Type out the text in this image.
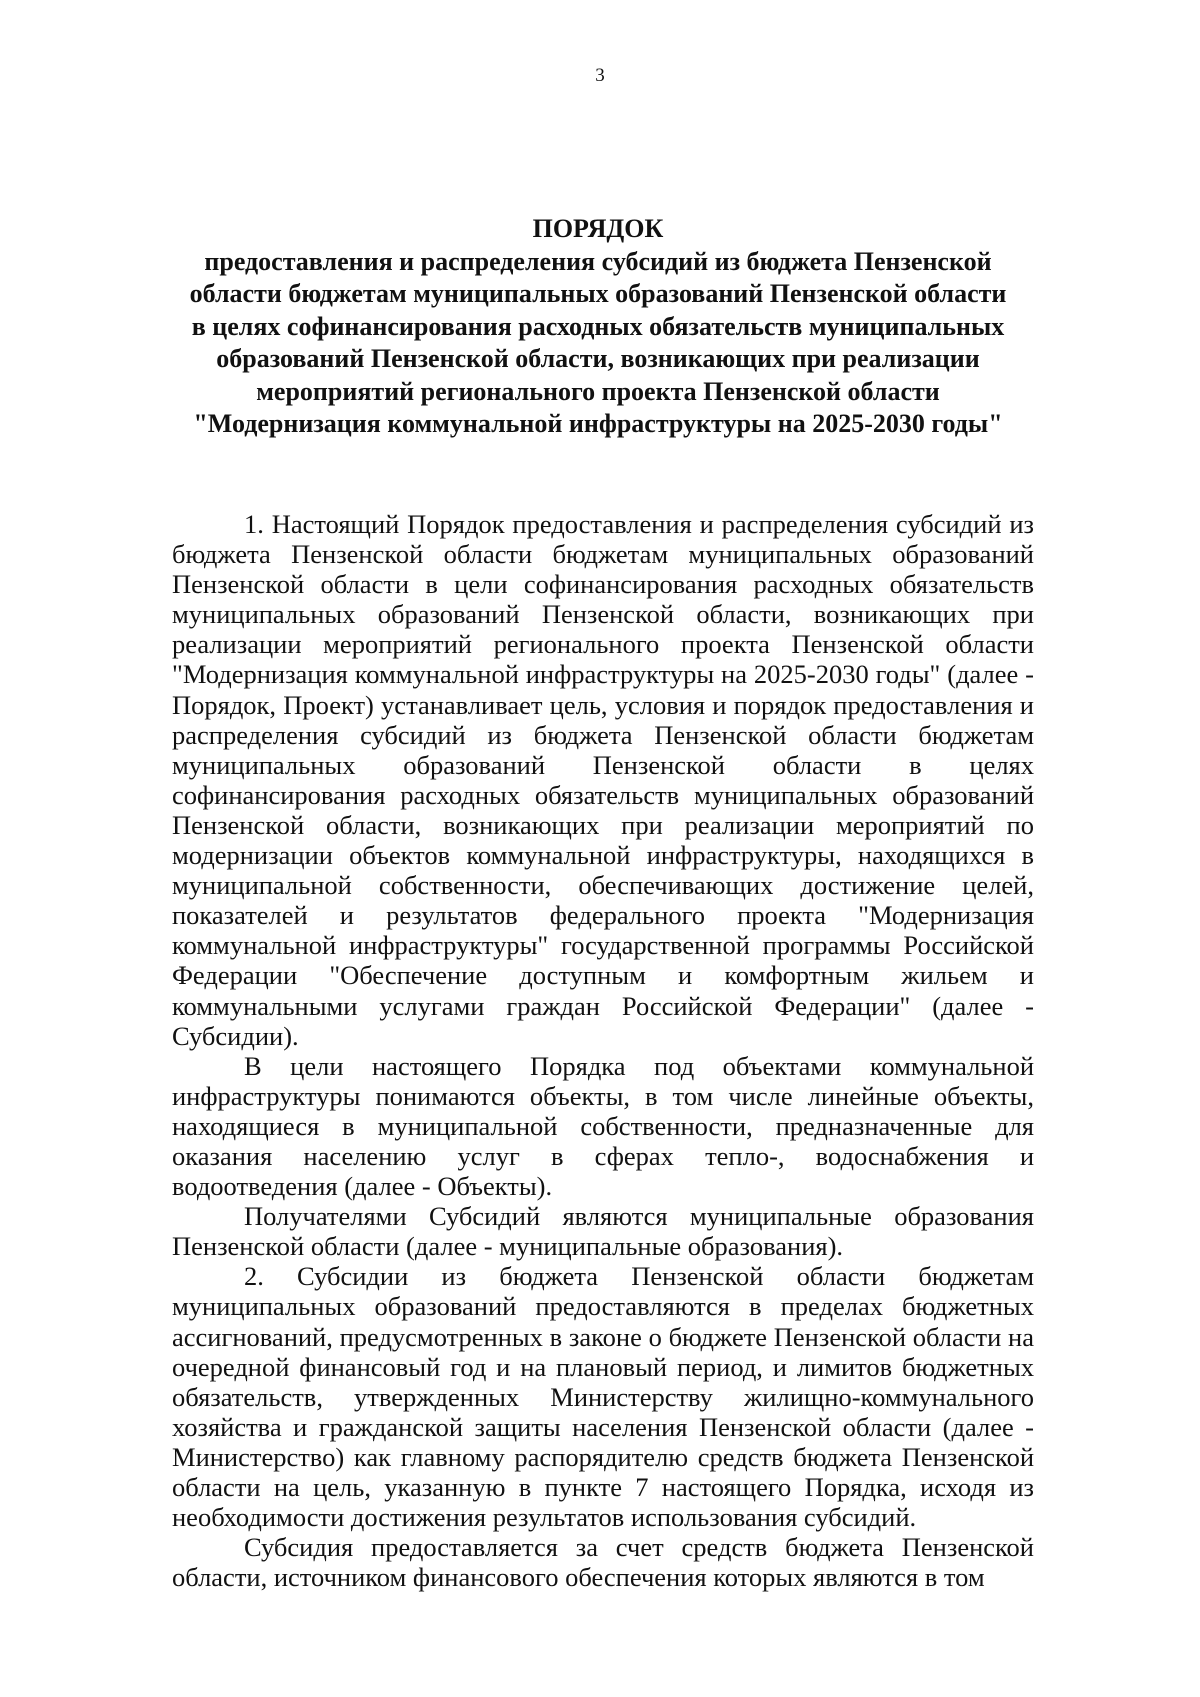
3
ПОРЯДОК
предоставления и распределения субсидий из бюджета Пензенской
области бюджетам муниципальных образований Пензенской области
в целях софинансирования расходных обязательств муниципальных
образований Пензенской области, возникающих при реализации
мероприятий регионального проекта Пензенской области
"Модернизация коммунальной инфраструктуры на 2025-2030 годы"

1. Настоящий Порядок предоставления и распределения субсидий из бюджета Пензенской области бюджетам муниципальных образований Пензенской области в цели софинансирования расходных обязательств муниципальных образований Пензенской области, возникающих при реализации мероприятий регионального проекта Пензенской области "Модернизация коммунальной инфраструктуры на 2025-2030 годы" (далее - Порядок, Проект) устанавливает цель, условия и порядок предоставления и распределения субсидий из бюджета Пензенской области бюджетам муниципальных образований Пензенской области в целях софинансирования расходных обязательств муниципальных образований Пензенской области, возникающих при реализации мероприятий по модернизации объектов коммунальной инфраструктуры, находящихся в муниципальной собственности, обеспечивающих достижение целей, показателей и результатов федерального проекта "Модернизация коммунальной инфраструктуры" государственной программы Российской Федерации "Обеспечение доступным и комфортным жильем и коммунальными услугами граждан Российской Федерации" (далее - Субсидии).

В цели настоящего Порядка под объектами коммунальной инфраструктуры понимаются объекты, в том числе линейные объекты, находящиеся в муниципальной собственности, предназначенные для оказания населению услуг в сферах тепло-, водоснабжения и водоотведения (далее - Объекты).

Получателями Субсидий являются муниципальные образования Пензенской области (далее - муниципальные образования).

2. Субсидии из бюджета Пензенской области бюджетам муниципальных образований предоставляются в пределах бюджетных ассигнований, предусмотренных в законе о бюджете Пензенской области на очередной финансовый год и на плановый период, и лимитов бюджетных обязательств, утвержденных Министерству жилищно-коммунального хозяйства и гражданской защиты населения Пензенской области (далее - Министерство) как главному распорядителю средств бюджета Пензенской области на цель, указанную в пункте 7 настоящего Порядка, исходя из необходимости достижения результатов использования субсидий.

Субсидия предоставляется за счет средств бюджета Пензенской области, источником финансового обеспечения которых являются в том
